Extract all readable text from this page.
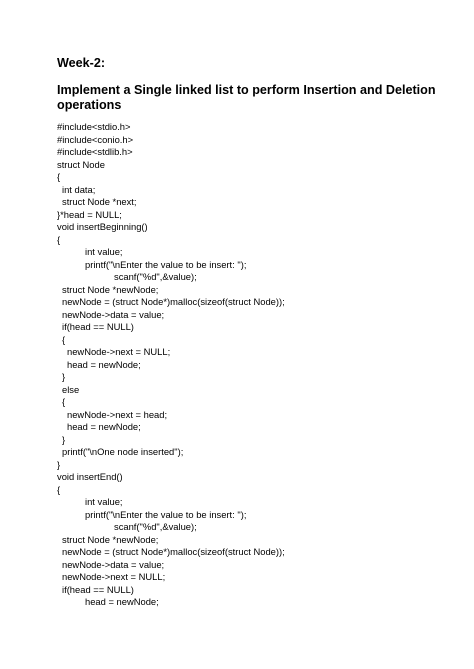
Week-2:
Implement a Single linked list to perform Insertion and Deletion
operations
#include<stdio.h>
#include<conio.h>
#include<stdlib.h>
struct Node
{
int data;
struct Node *next;
}*head = NULL;
void insertBeginning()
{
int value;
printf("\nEnter the value to be insert: ");
scanf("%d",&value);
struct Node *newNode;
newNode = (struct Node*)malloc(sizeof(struct Node));
newNode->data = value;
if(head == NULL)
{
newNode->next = NULL;
head = newNode;
}
else
{
newNode->next = head;
head = newNode;
}
printf("\nOne node inserted");
}
void insertEnd()
{
int value;
printf("\nEnter the value to be insert: ");
scanf("%d",&value);
struct Node *newNode;
newNode = (struct Node*)malloc(sizeof(struct Node));
newNode->data = value;
newNode->next = NULL;
if(head == NULL)
head = newNode;
